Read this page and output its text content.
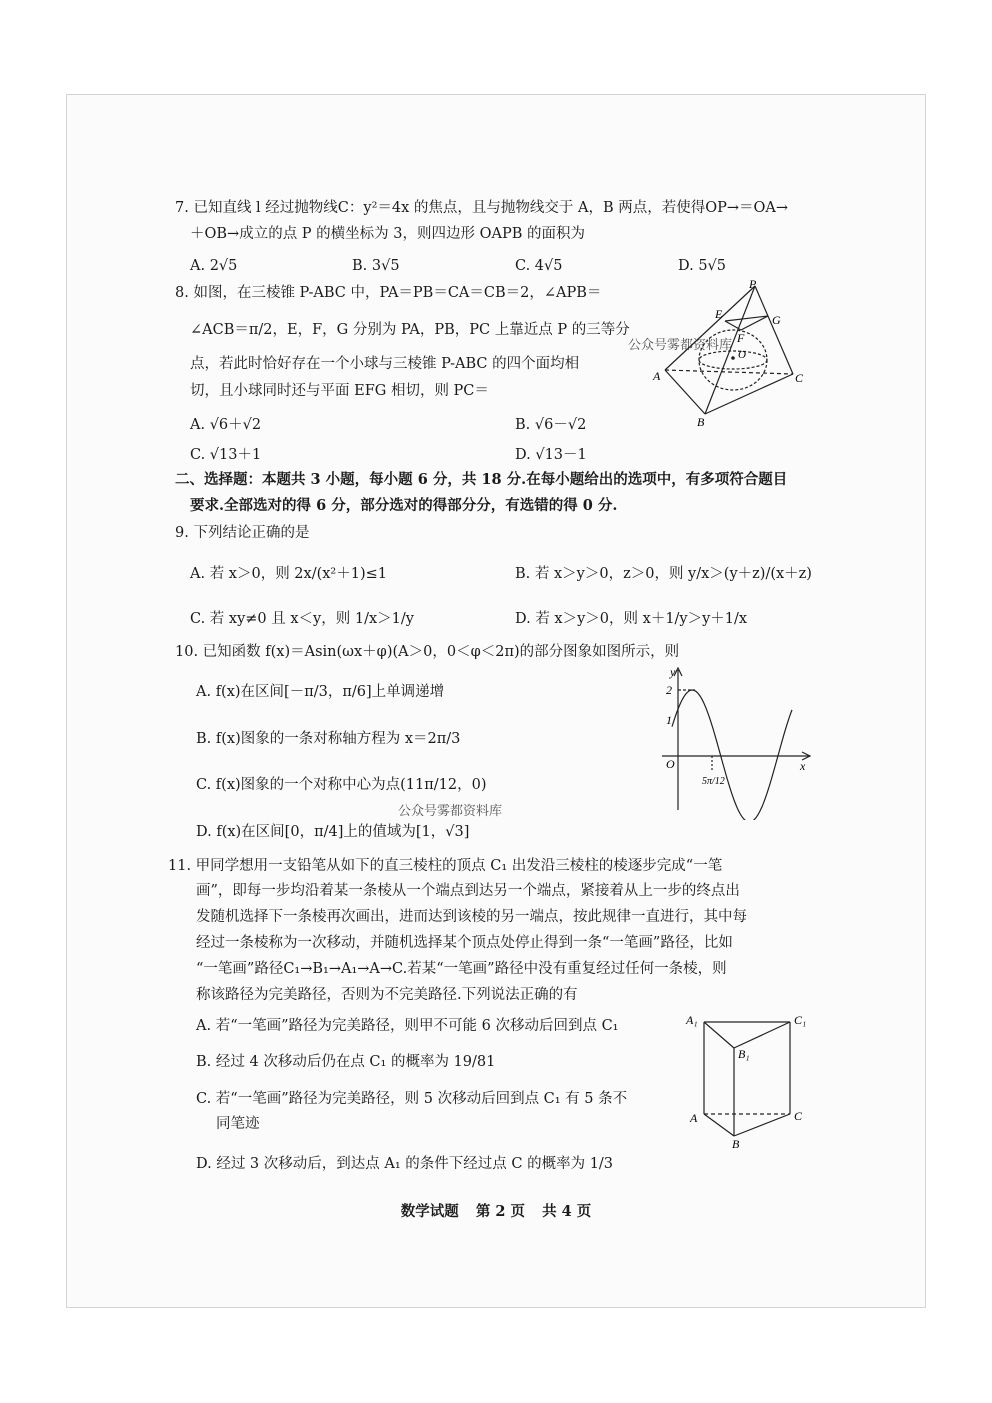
7. 已知直线 l 经过抛物线C：y²＝4x 的焦点，且与抛物线交于 A，B 两点，若使得OP→＝OA→
＋OB→成立的点 P 的横坐标为 3，则四边形 OAPB 的面积为
A. 2√5	B. 3√5	C. 4√5	D. 5√5
8. 如图，在三棱锥 P-ABC 中，PA＝PB＝CA＝CB＝2，∠APB＝
∠ACB＝π/2，E，F，G 分别为 PA，PB，PC 上靠近点 P 的三等分
点，若此时恰好存在一个小球与三棱锥 P-ABC 的四个面均相
切，且小球同时还与平面 EFG 相切，则 PC＝
A. √6＋√2	B. √6－√2
C. √13＋1	D. √13－1
公众号雾都资料库
P
E
F
G
O
A
B
C
二、选择题：本题共 3 小题，每小题 6 分，共 18 分.在每小题给出的选项中，有多项符合题目
要求.全部选对的得 6 分，部分选对的得部分分，有选错的得 0 分.
9. 下列结论正确的是
A. 若 x＞0，则 2x/(x²＋1)≤1	B. 若 x＞y＞0，z＞0，则 y/x＞(y＋z)/(x＋z)
C. 若 xy≠0 且 x＜y，则 1/x＞1/y	D. 若 x＞y＞0，则 x＋1/y＞y＋1/x
10. 已知函数 f(x)＝Asin(ωx＋φ)(A＞0，0＜φ＜2π)的部分图象如图所示，则
A. f(x)在区间[－π/3，π/6]上单调递增
B. f(x)图象的一条对称轴方程为 x＝2π/3
C. f(x)图象的一个对称中心为点(11π/12，0)
D. f(x)在区间[0，π/4]上的值域为[1，√3]
公众号雾都资料库
y
x
O
2
1
5π/12
11. 甲同学想用一支铅笔从如下的直三棱柱的顶点 C₁ 出发沿三棱柱的棱逐步完成“一笔
画”，即每一步均沿着某一条棱从一个端点到达另一个端点，紧接着从上一步的终点出
发随机选择下一条棱再次画出，进而达到该棱的另一端点，按此规律一直进行，其中每
经过一条棱称为一次移动，并随机选择某个顶点处停止得到一条“一笔画”路径，比如
“一笔画”路径C₁→B₁→A₁→A→C.若某“一笔画”路径中没有重复经过任何一条棱，则
称该路径为完美路径，否则为不完美路径.下列说法正确的有
A. 若“一笔画”路径为完美路径，则甲不可能 6 次移动后回到点 C₁
B. 经过 4 次移动后仍在点 C₁ 的概率为 19/81
C. 若“一笔画”路径为完美路径，则 5 次移动后回到点 C₁ 有 5 条不
同笔迹
D. 经过 3 次移动后，到达点 A₁ 的条件下经过点 C 的概率为 1/3
A₁	C₁
B₁
A	C
B
数学试题 第 2 页 共 4 页
